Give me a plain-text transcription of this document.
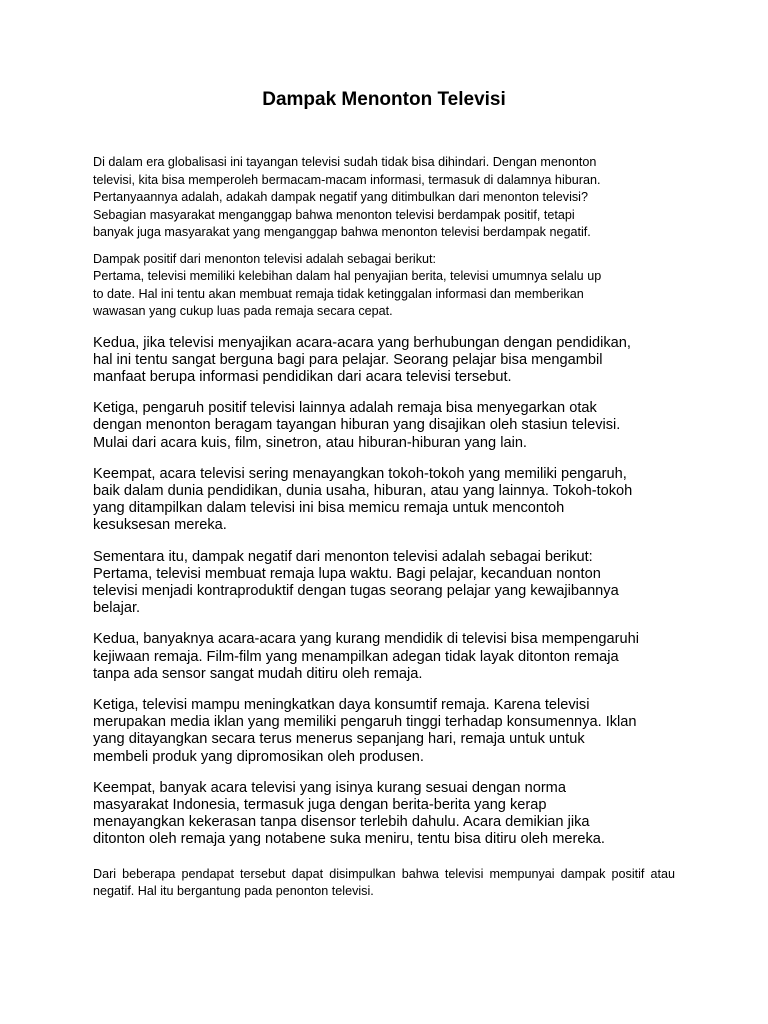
Dampak Menonton Televisi

Di dalam era globalisasi ini tayangan televisi sudah tidak bisa dihindari. Dengan menonton
televisi, kita bisa memperoleh bermacam-macam informasi, termasuk di dalamnya hiburan.
Pertanyaannya adalah, adakah dampak negatif yang ditimbulkan dari menonton televisi?
Sebagian masyarakat menganggap bahwa menonton televisi berdampak positif, tetapi
banyak juga masyarakat yang menganggap bahwa menonton televisi berdampak negatif.

Dampak positif dari menonton televisi adalah sebagai berikut:
Pertama, televisi memiliki kelebihan dalam hal penyajian berita, televisi umumnya selalu up
to date. Hal ini tentu akan membuat remaja tidak ketinggalan informasi dan memberikan
wawasan yang cukup luas pada remaja secara cepat.

Kedua, jika televisi menyajikan acara-acara yang berhubungan dengan pendidikan,
hal ini tentu sangat berguna bagi para pelajar. Seorang pelajar bisa mengambil
manfaat berupa informasi pendidikan dari acara televisi tersebut.

Ketiga, pengaruh positif televisi lainnya adalah remaja bisa menyegarkan otak
dengan menonton beragam tayangan hiburan yang disajikan oleh stasiun televisi.
Mulai dari acara kuis, film, sinetron, atau hiburan-hiburan yang lain.

Keempat, acara televisi sering menayangkan tokoh-tokoh yang memiliki pengaruh,
baik dalam dunia pendidikan, dunia usaha, hiburan, atau yang lainnya. Tokoh-tokoh
yang ditampilkan dalam televisi ini bisa memicu remaja untuk mencontoh
kesuksesan mereka.

Sementara itu, dampak negatif dari menonton televisi adalah sebagai berikut:
Pertama, televisi membuat remaja lupa waktu. Bagi pelajar, kecanduan nonton
televisi menjadi kontraproduktif dengan tugas seorang pelajar yang kewajibannya
belajar.

Kedua, banyaknya acara-acara yang kurang mendidik di televisi bisa mempengaruhi
kejiwaan remaja. Film-film yang menampilkan adegan tidak layak ditonton remaja
tanpa ada sensor sangat mudah ditiru oleh remaja.

Ketiga, televisi mampu meningkatkan daya konsumtif remaja. Karena televisi
merupakan media iklan yang memiliki pengaruh tinggi terhadap konsumennya. Iklan
yang ditayangkan secara terus menerus sepanjang hari, remaja untuk untuk
membeli produk yang dipromosikan oleh produsen.

Keempat, banyak acara televisi yang isinya kurang sesuai dengan norma
masyarakat Indonesia, termasuk juga dengan berita-berita yang kerap
menayangkan kekerasan tanpa disensor terlebih dahulu. Acara demikian jika
ditonton oleh remaja yang notabene suka meniru, tentu bisa ditiru oleh mereka.

Dari beberapa pendapat tersebut dapat disimpulkan bahwa televisi mempunyai dampak positif atau negatif. Hal itu bergantung pada penonton televisi.
